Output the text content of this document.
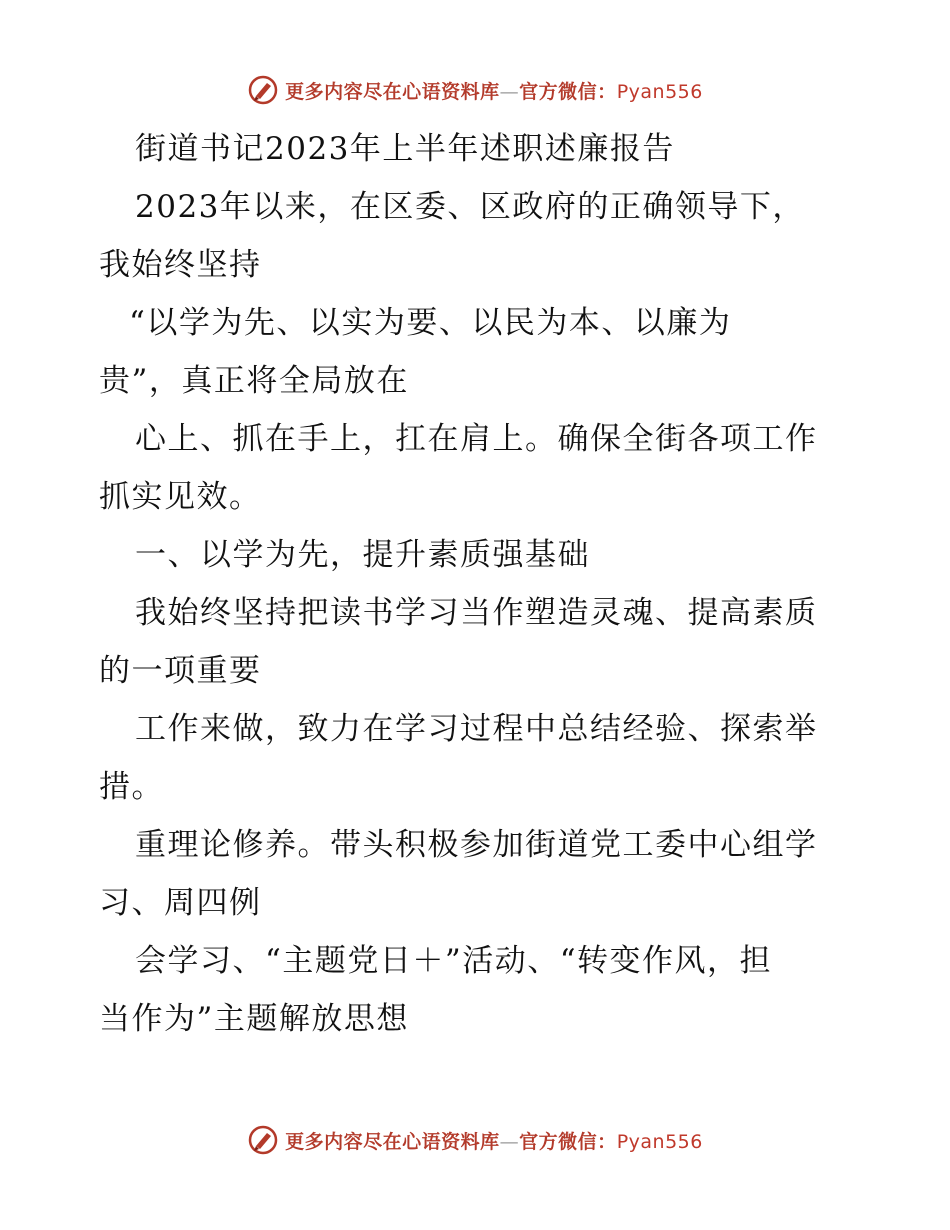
更多内容尽在心语资料库—官方微信：Pyan556
街道书记2023年上半年述职述廉报告
2023年以来，在区委、区政府的正确领导下，
我始终坚持
“以学为先、以实为要、以民为本、以廉为
贵”，真正将全局放在
心上、抓在手上，扛在肩上。确保全街各项工作
抓实见效。
一、以学为先，提升素质强基础
我始终坚持把读书学习当作塑造灵魂、提高素质
的一项重要
工作来做，致力在学习过程中总结经验、探索举
措。
重理论修养。带头积极参加街道党工委中心组学
习、周四例
会学习、“主题党日＋”活动、“转变作风，担
当作为”主题解放思想
更多内容尽在心语资料库—官方微信：Pyan556
